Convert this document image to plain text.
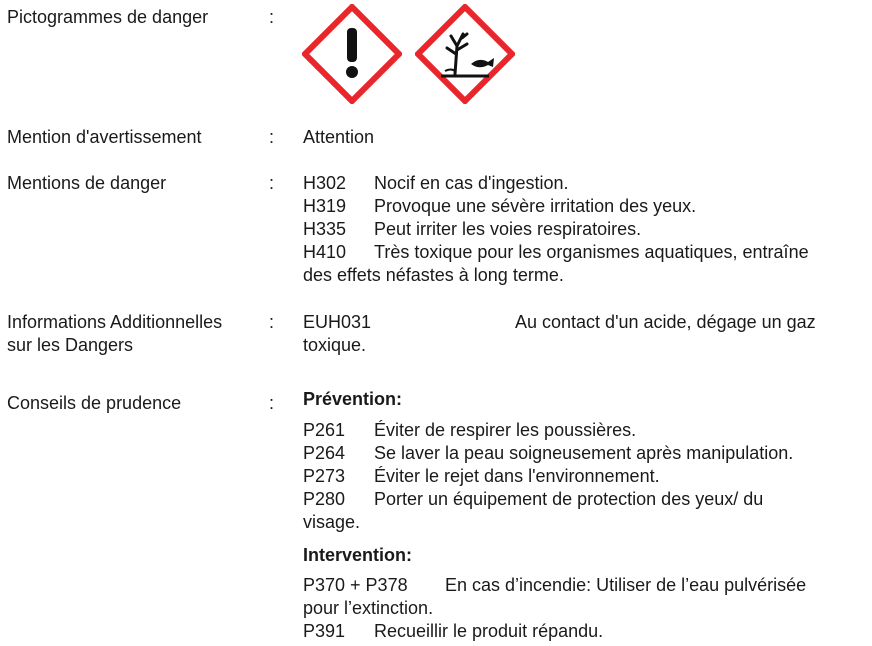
Pictogrammes de danger	:
Mention d'avertissement	: Attention
Mentions de danger	: H302 Nocif en cas d'ingestion.
H319 Provoque une sévère irritation des yeux.
H335 Peut irriter les voies respiratoires.
H410 Très toxique pour les organismes aquatiques, entraîne
des effets néfastes à long terme.
Informations Additionnelles
sur les Dangers
: EUH031	Au contact d'un acide, dégage un gaz
toxique.
Conseils de prudence	: Prévention:
P261 Éviter de respirer les poussières.
P264 Se laver la peau soigneusement après manipulation.
P273 Éviter le rejet dans l'environnement.
P280 Porter un équipement de protection des yeux/ du
visage.
Intervention:
P370 + P378 En cas d’incendie: Utiliser de l’eau pulvérisée
pour l’extinction.
P391 Recueillir le produit répandu.
